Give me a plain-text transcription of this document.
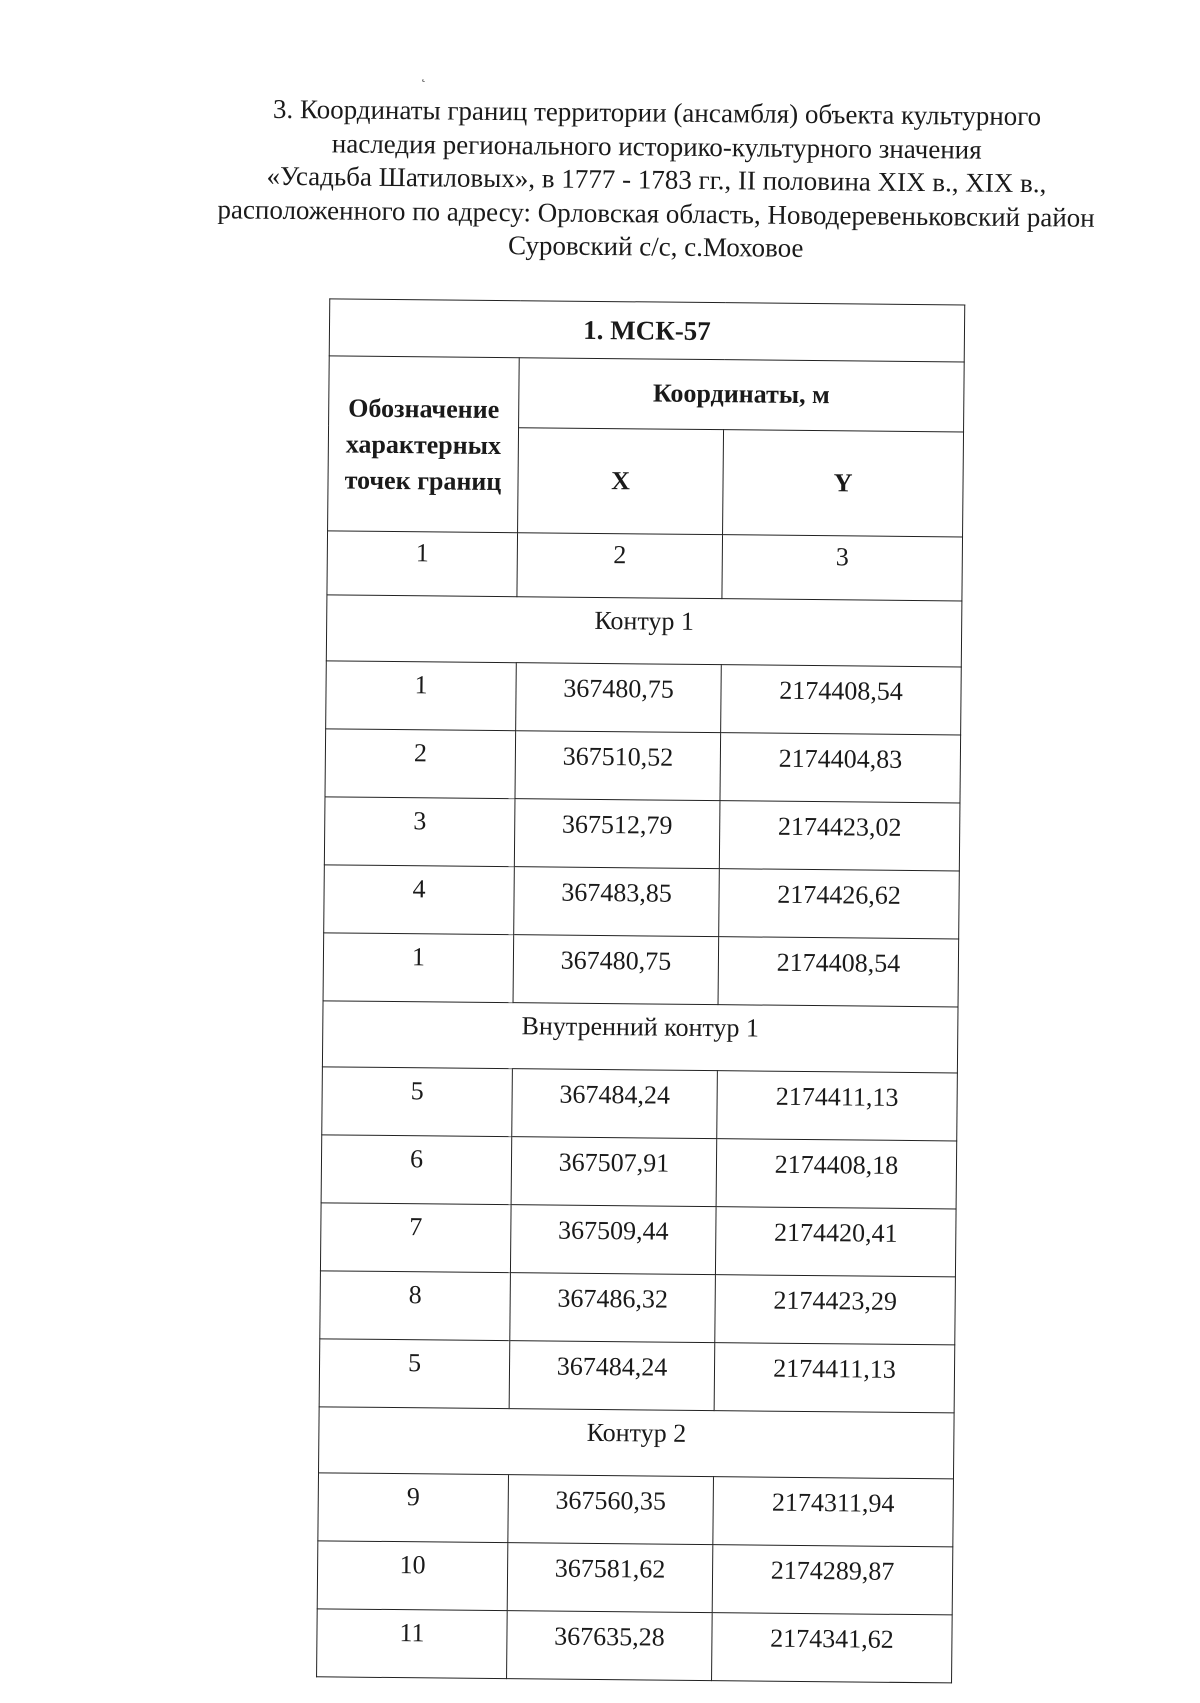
˛
3. Координаты границ территории (ансамбля) объекта культурного
наследия регионального историко-культурного значения
«Усадьба Шатиловых», в 1777 - 1783 гг., II половина XIX в., XIX в.,
расположенного по адресу: Орловская область, Новодеревеньковский район
Суровский с/с, с.Моховое
1. МСК-57		
Обозначение характерных точек границ	Координаты, м	
	X	Y
1	2	3
Контур 1		
1	367480,75	2174408,54
2	367510,52	2174404,83
3	367512,79	2174423,02
4	367483,85	2174426,62
1	367480,75	2174408,54
Внутренний контур 1		
5	367484,24	2174411,13
6	367507,91	2174408,18
7	367509,44	2174420,41
8	367486,32	2174423,29
5	367484,24	2174411,13
Контур 2		
9	367560,35	2174311,94
10	367581,62	2174289,87
11	367635,28	2174341,62
